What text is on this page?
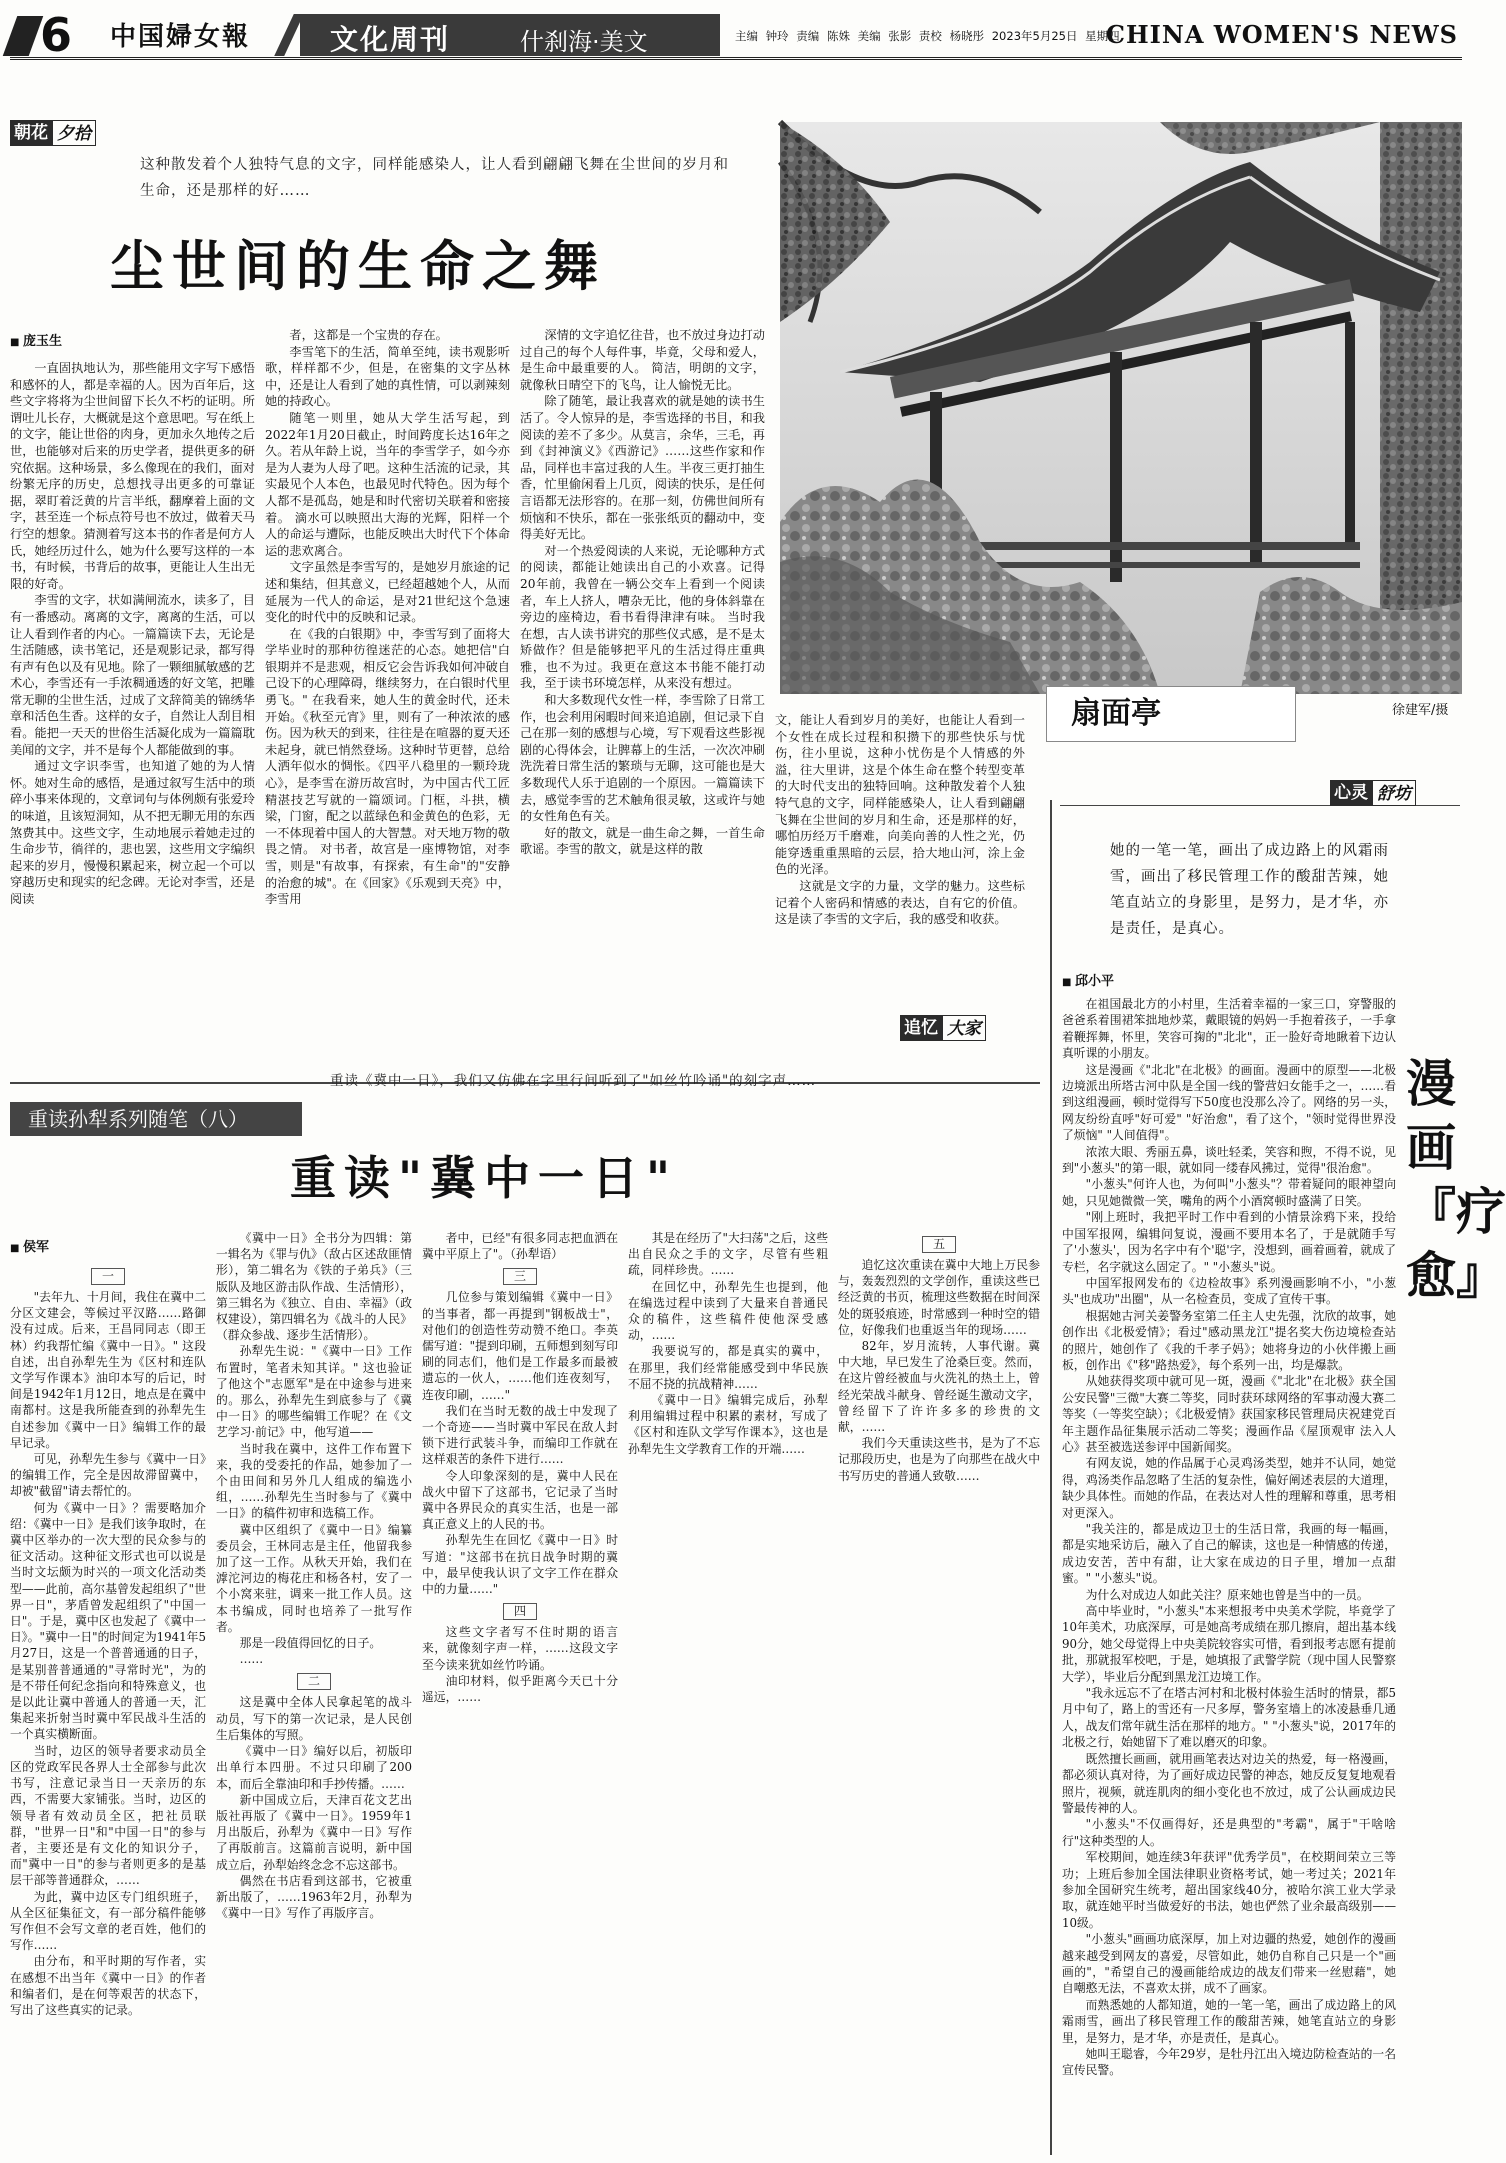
6	中国婦女報	文化周刊	什刹海·美文	主编 钟玲 责编 陈姝 美编 张影 责校 杨晓彤 2023年5月25日 星期四
CHINA WOMEN'S NEWS
朝花 夕拾
这种散发着个人独特气息的文字，同样能感染人，让人看到翩翩飞舞在尘世间的岁月和生命，还是那样的好……
尘世间的生命之舞
■ 庞玉生

一直固执地认为，那些能用文字写下感悟和感怀的人，都是幸福的人。因为百年后，这些文字将将为尘世间留下长久不朽的证明。所谓吐儿长存，大概就是这个意思吧。写在纸上的文字，能让世俗的肉身，更加永久地传之后世，也能够对后来的历史学者，提供更多的研究依据。这种场景，多么像现在的我们，面对纷繁无序的历史，总想找寻出更多的可靠证据，翠盯着泛黄的片言半纸，翻摩着上面的文字，甚至连一个标点符号也不放过，做着天马行空的想象。猜测着写这本书的作者是何方人氏，她经历过什么，她为什么要写这样的一本书，有时候，书背后的故事，更能让人生出无限的好奇。

李雪的文字，状如满闸流水，读多了，目有一番感动。离离的文字，离离的生活，可以让人看到作者的内心。一篇篇读下去，无论是生活随感，读书笔记，还是观影记录，都写得有声有色以及有见地。除了一颗细腻敏感的艺术心，李雪还有一手浓稠通透的好文笔，把雕常无聊的尘世生活，过成了文辞简美的锦绣华章和活色生香。这样的女子，自然让人刮目相看。能把一天天的世俗生活凝化成为一篇篇耽美闻的文字，并不是每个人都能做到的事。

通过文字识李雪，也知道了她的为人情怀。她对生命的感悟，是通过叙写生活中的琐碎小事来体现的，文章词句与体例颇有张爱玲的味道，且该短洞知，从不把无聊无用的东西煞费其中。这些文字，生动地展示着她走过的生命步节，徜徉的，悲也罢，这些用文字编织起来的岁月，慢慢积累起来，树立起一个可以穿越历史和现实的纪念碑。无论对李雪，还是阅读

者，这都是一个宝贵的存在。

李雪笔下的生活，简单至纯，读书观影听歌，样样都不少，但是，在密集的文字丛林中，还是让人看到了她的真性情，可以剥辣刻她的持政心。

随笔一则里，她从大学生活写起，到2022年1月20日截止，时间跨度长达16年之久。若从年龄上说，当年的李雪学子，如今亦是为人妻为人母了吧。这种生活流的记录，其实最见个人本色，也最见时代特色。因为每个人都不是孤岛，她是和时代密切关联着和密接着。 滴水可以映照出大海的光辉，阳样一个人的命运与遭际，也能反映出大时代下个体命运的悲欢离合。

文字虽然是李雪写的，是她岁月旅途的记述和集结，但其意义，已经超越她个人，从而延展为一代人的命运，是对21世纪这个急速变化的时代中的反映和记录。

在《我的白银期》中，李雪写到了面将大学毕业时的那种彷徨迷茫的心态。她把信"白银期并不是悲观，相反它会告诉我如何冲破自己设下的心理障碍，继续努力，在白银时代里勇飞。" 在我看来，她人生的黄金时代，还未开始。《秋至元宵》里，则有了一种浓浓的感伤。因为秋天的到来，往往是在喧器的夏天还未起身，就已悄然登场。这种时节更替，总给人洒年似水的惆怅。《四平八稳里的一颗玲珑心》，是李雪在游历故宫时，为中国古代工匠精湛技艺写就的一篇颂词。门框，斗拱，横梁，门窗，配之以蓝绿色和金黄色的色彩，无一不体现着中国人的大智慧。对天地万物的敬畏之情。 对书者，故宫是一座博物馆，对李雪，则是"有故事，有探索，有生命"的"安静的治愈的城"。在《回家》《乐观到天亮》中，李雪用

深情的文字追忆往昔，也不放过身边打动过自己的每个人每件事，毕竟，父母和爱人，是生命中最重要的人。 简洁，明朗的文字，就像秋日晴空下的飞鸟，让人愉悦无比。

除了随笔，最让我喜欢的就是她的读书生活了。令人惊异的是，李雪选择的书目，和我阅读的差不了多少。从莫言，余华，三毛，再到《封神演义》《西游记》……这些作家和作品，同样也丰富过我的人生。半夜三更打抽生香，忙里偷闲看上几页，阅读的快乐，是任何言语都无法形容的。在那一刻，仿佛世间所有烦恼和不快乐，都在一张张纸页的翻动中，变得美好无比。

对一个热爱阅读的人来说，无论哪种方式的阅读，都能让她读出自己的小欢喜。记得20年前，我曾在一辆公交车上看到一个阅读者，车上人挤人，嘈杂无比，他的身体斜靠在旁边的座椅边，看书看得津津有味。 当时我在想，古人读书讲究的那些仪式感，是不是太矫做作？但是能够把平凡的生活过得庄重典雅，也不为过。我更在意这本书能不能打动我，至于读书环境怎样，从来没有想过。

和大多数现代女性一样，李雪除了日常工作，也会利用闲暇时间来追追剧，但记录下自己在那一刻的感想与心境，写下观看这些影视剧的心得体会，让脾幕上的生活，一次次冲刷洗洗着日常生活的繁琐与无聊，这可能也是大多数现代人乐于追剧的一个原因。一篇篇读下去，感觉李雪的艺术触角很灵敏，这或许与她的女性角色有关。

好的散文，就是一曲生命之舞，一首生命歌谣。李雪的散文，就是这样的散

文，能让人看到岁月的美好，也能让人看到一个女性在成长过程和积攒下的那些快乐与忧伤，往小里说，这种小忧伤是个人情感的外溢，往大里讲，这是个体生命在整个转型变革的大时代支出的独特回响。这种散发着个人独特气息的文字，同样能感染人，让人看到翩翩飞舞在尘世间的岁月和生命，还是那样的好，哪怕历经万千磨难，向美向善的人性之光，仍能穿透重重黑暗的云层，拾大地山河，涂上金色的光泽。

这就是文字的力量，文学的魅力。这些标记着个人密码和情感的表达，自有它的价值。这是读了李雪的文字后，我的感受和收获。

扇面亭	徐建军/摄
追忆 大家
重读《冀中一日》，我们又仿佛在字里行间听到了"如丝竹吟诵"的刻字声……
重读孙犁系列随笔（八）
重读"冀中一日"
■ 侯军
一

"去年九、十月间，我住在冀中二分区文建会，等候过平汉路……路御没有过成。后来，王昌同同志（即王林）约我帮忙编《冀中一日》。" 这段自述，出自孙犁先生为《区村和连队文学写作课本》油印本写的后记，时间是1942年1月12日，地点是在冀中南都村。这是我所能查到的孙犁先生自述参加《冀中一日》编辑工作的最早记录。

可见，孙犁先生参与《冀中一日》的编辑工作，完全是因故滞留冀中，却被"截留"请去帮忙的。

何为《冀中一日》？需要略加介绍：《冀中一日》是我们该争取时，在冀中区举办的一次大型的民众参与的征文活动。这种征文形式也可以说是当时文坛颇为时兴的一项文化活动类型——此前，高尔基曾发起组织了"世界一日"，茅盾曾发起组织了"中国一日"。于是，冀中区也发起了《冀中一日》。"冀中一日"的时间定为1941年5月27日，这是一个普普通通的日子，是某别普普通通的"寻常时光"，为的是不带任何纪念指向和特殊意义，也是以此让冀中普通人的普通一天，汇集起来折射当时冀中军民战斗生活的一个真实横断面。

当时，边区的领导者要求动员全区的党政军民各界人士全部参与此次书写，注意记录当日一天亲历的东西，不需要大家铺张。当时，边区的领导者有效动员全区，把社员联群，"世界一日"和"中国一日"的参与者，主要还是有文化的知识分子，而"冀中一日"的参与者则更多的是基层干部等普通群众，……

为此，冀中边区专门组织班子，从全区征集征文，有一部分稿件能够写作但不会写文章的老百姓，他们的写作……

由分布，和平时期的写作者，实在感想不出当年《冀中一日》的作者和编者们，是在何等艰苦的状态下，写出了这些真实的记录。

《冀中一日》全书分为四辑：第一辑名为《罪与仇》（敌占区述敌匪情形），第二辑名为《铁的子弟兵》（三版队及地区游击队作战、生活情形），第三辑名为《独立、自由、幸福》（政权建设），第四辑名为《战斗的人民》（群众参战、逐步生活情形）。

孙犁先生说："《冀中一日》工作布置时，笔者未知其详。" 这也验证了他这个"志愿军"是在中途参与进来的。那么，孙犁先生到底参与了《冀中一日》的哪些编辑工作呢？在《文艺学习·前记》中，他写道——

当时我在冀中，这件工作布置下来，我的受委托的作品，她参加了一个由田间和另外几人组成的编选小组，……孙犁先生当时参与了《冀中一日》的稿件初审和选稿工作。

冀中区组织了《冀中一日》编纂委员会，王林同志是主任，他留我参加了这一工作。从秋天开始，我们在滹沱河边的梅花庄和杨各村，安了一个小窝来驻，调来一批工作人员。这本书编成，同时也培养了一批写作者。

那是一段值得回忆的日子。

……

二

这是冀中全体人民拿起笔的战斗动员，写下的第一次记录，是人民创生后集体的写照。

《冀中一日》编好以后，初版印出单行本四册。不过只印刷了200本，而后全靠油印和手抄传播。……

新中国成立后，天津百花文艺出版社再版了《冀中一日》。1959年1月出版后，孙犁为《冀中一日》写作了再版前言。这篇前言说明，新中国成立后，孙犁始终念念不忘这部书。

偶然在书店看到这部书，它被重新出版了，……1963年2月，孙犁为《冀中一日》写作了再版序言。

者中，已经"有很多同志把血洒在冀中平原上了"。（孙犁语）

三

几位参与策划编辑《冀中一日》的当事者，都一再提到"钢板战士"，对他们的创造性劳动赞不绝口。李英儒写道："提到印刷，五师想到刻写印刷的同志们，他们是工作最多而最被遗忘的一伙人，……他们连夜刻写，连夜印刷，……"

我们在当时无数的战士中发现了一个奇迹——当时冀中军民在敌人封锁下进行武装斗争，而编印工作就在这样艰苦的条件下进行……

令人印象深刻的是，冀中人民在战火中留下了这部书，它记录了当时冀中各界民众的真实生活，也是一部真正意义上的人民的书。

孙犁先生在回忆《冀中一日》时写道："这部书在抗日战争时期的冀中，最早使我认识了文字工作在群众中的力量……"

四

这些文字者写不住时期的语言来，就像刻字声一样，……这段文字至今读来犹如丝竹吟诵。

油印材料，似乎距离今天已十分遥远，……

其是在经历了"大扫荡"之后，这些出自民众之手的文字，尽管有些粗疏，同样珍贵。……

在回忆中，孙犁先生也提到，他在编选过程中读到了大量来自普通民众的稿件，这些稿件使他深受感动，……

我要说写的，都是真实的冀中，在那里，我们经常能感受到中华民族不屈不挠的抗战精神……

《冀中一日》编辑完成后，孙犁利用编辑过程中积累的素材，写成了《区村和连队文学写作课本》，这也是孙犁先生文学教育工作的开端……

五

追忆这次重读在冀中大地上万民参与，轰轰烈烈的文学创作，重读这些已经泛黄的书页，梳理这些数据在时间深处的斑驳痕迹，时常感到一种时空的错位，好像我们也重返当年的现场……

82年，岁月流转，人事代谢。冀中大地，早已发生了沧桑巨变。然而，在这片曾经被血与火洗礼的热土上，曾经光荣战斗献身、曾经诞生激动文字，曾经留下了许许多多的珍贵的文献，……

我们今天重读这些书，是为了不忘记那段历史，也是为了向那些在战火中书写历史的普通人致敬……

心灵 舒坊
她的一笔一笔，画出了成边路上的风霜雨雪，画出了移民管理工作的酸甜苦辣，她笔直站立的身影里，是努力，是才华，亦是责任，是真心。
漫画『疗愈』
■ 邱小平

在祖国最北方的小村里，生活着幸福的一家三口，穿警服的爸爸系着围裙笨拙地炒菜，戴眼镜的妈妈一手抱着孩子，一手拿着鞭挥舞，怀里，笑容可掬的"北北"，正一脸好奇地瞅着下边认真听课的小朋友。

这是漫画《"北北"在北极》的画面。漫画中的原型——北极边境派出所塔古河中队是全国一线的警营妇女能手之一，……看到这组漫画，顿时觉得写下50度也没那么冷了。网络的另一头，网友纷纷直呼"好可爱" "好治愈"，看了这个，"领时觉得世界没了烦恼" "人间值得"。

浓浓大眼、秀丽五鼻，谈吐轻柔，笑容和煦，不得不说，见到"小葱头"的第一眼，就如同一缕春风拂过，觉得"很治愈"。

"小葱头"何许人也，为何叫"小葱头"？带着疑问的眼神望向她，只见她微微一笑，嘴角的两个小酒窝顿时盛满了日笑。

"刚上班时，我把平时工作中看到的小情景涂鸦下来，投给中国军报网，编辑问复说，漫画不要用本名了，于是就随手写了'小葱头'，因为名字中有个'聪'字，没想到，画着画着，就成了专栏，名字就这么固定了。" "小葱头"说。

中国军报网发布的《边检故事》系列漫画影响不小，"小葱头"也成功"出圈"，从一名检查员，变成了宣传干事。

根据她古河关姜警务室第二任主人史先强，沈欣的故事，她创作出《北极爱情》；看过"感动黑龙江"提名奖大伤边境检查站的照片，她创作了《我的千孝子妈》；她将身边的小伙伴搬上画板，创作出《"移"路热爱》，每个系列一出，均是爆款。

从她获得奖项中就可见一斑，漫画《"北北"在北极》获全国公安民警"三微"大赛二等奖，同时获环球网络的军事动漫大赛二等奖（一等奖空缺）；《北极爱情》获国家移民管理局庆祝建党百年主题作品征集展示活动二等奖；漫画作品《屋顶观审 法入人心》甚至被选送参评中国新闻奖。

有网友说，她的作品属于心灵鸡汤类型，她并不认同，她觉得，鸡汤类作品忽略了生活的复杂性，偏好阐述表层的大道理，缺少具体性。而她的作品，在表达对人性的理解和尊重，思考相对更深入。

"我关注的，都是成边卫士的生活日常，我画的每一幅画，都是实地采访后，融入了自己的解读，这也是一种情感的传递，成边安苦，苦中有甜，让大家在成边的日子里，增加一点甜蜜。" "小葱头"说。

为什么对成边人如此关注？原来她也曾是当中的一员。

高中毕业时，"小葱头"本来想报考中央美术学院，毕竟学了10年美术，功底深厚，可是她高考成绩在那几擦肩，超出基本线90分，她父母觉得上中央美院较容实可惜，看到报考志愿有提前批，那就报军校吧，于是，她填报了武警学院（现中国人民警察大学），毕业后分配到黑龙江边境工作。

"我永远忘不了在塔古河村和北极村体验生活时的情景，都5月中旬了，路上的雪还有一尺多厚，警务室墙上的冰凌悬垂几通人，战友们常年就生活在那样的地方。" "小葱头"说，2017年的北极之行，始她留下了难以磨灭的印象。

既然擅长画画，就用画笔表达对边关的热爱，每一格漫画，都必须认真对待，为了画好成边民警的神态，她反反复复地观看照片，视频，就连肌肉的细小变化也不放过，成了公认画成边民警最传神的人。

"小葱头"不仅画得好，还是典型的"考霸"，属于"干啥啥行"这种类型的人。

军校期间，她连续3年获评"优秀学员"，在校期间荣立三等功；上班后参加全国法律职业资格考试，她一考过关；2021年参加全国研究生统考，超出国家线40分，被哈尔滨工业大学录取，就连她平时当做爱好的书法，她也俨然了业余最高级别——10级。

"小葱头"画画功底深厚，加上对边疆的热爱，她创作的漫画越来越受到网友的喜爱，尽管如此，她仍自称自己只是一个"画画的"，"希望自己的漫画能给成边的战友们带来一丝慰藉"，她自嘲憨无法，不喜欢太拼，成不了画家。

而熟悉她的人都知道，她的一笔一笔，画出了成边路上的风霜雨雪，画出了移民管理工作的酸甜苦辣，她笔直站立的身影里，是努力，是才华，亦是责任，是真心。

她叫王聪睿，今年29岁，是牡丹江出入境边防检查站的一名宣传民警。
